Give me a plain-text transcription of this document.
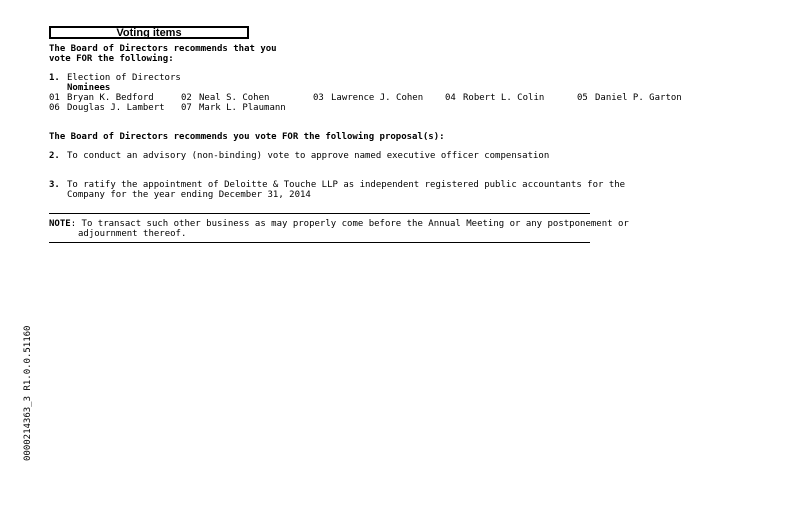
Voting items
The Board of Directors recommends that you
vote FOR the following:
1. Election of Directors
Nominees
01 Bryan K. Bedford	02 Neal S. Cohen	03 Lawrence J. Cohen 04 Robert L. Colin	05 Daniel P. Garton
06 Douglas J. Lambert 07 Mark L. Plaumann
The Board of Directors recommends you vote FOR the following proposal(s):
2. To conduct an advisory (non-binding) vote to approve named executive officer compensation
3. To ratify the appointment of Deloitte & Touche LLP as independent registered public accountants for the
Company for the year ending December 31, 2014
NOTE: To transact such other business as may properly come before the Annual Meeting or any postponement or
adjournment thereof.
0000214363_3 R1.0.0.51160
